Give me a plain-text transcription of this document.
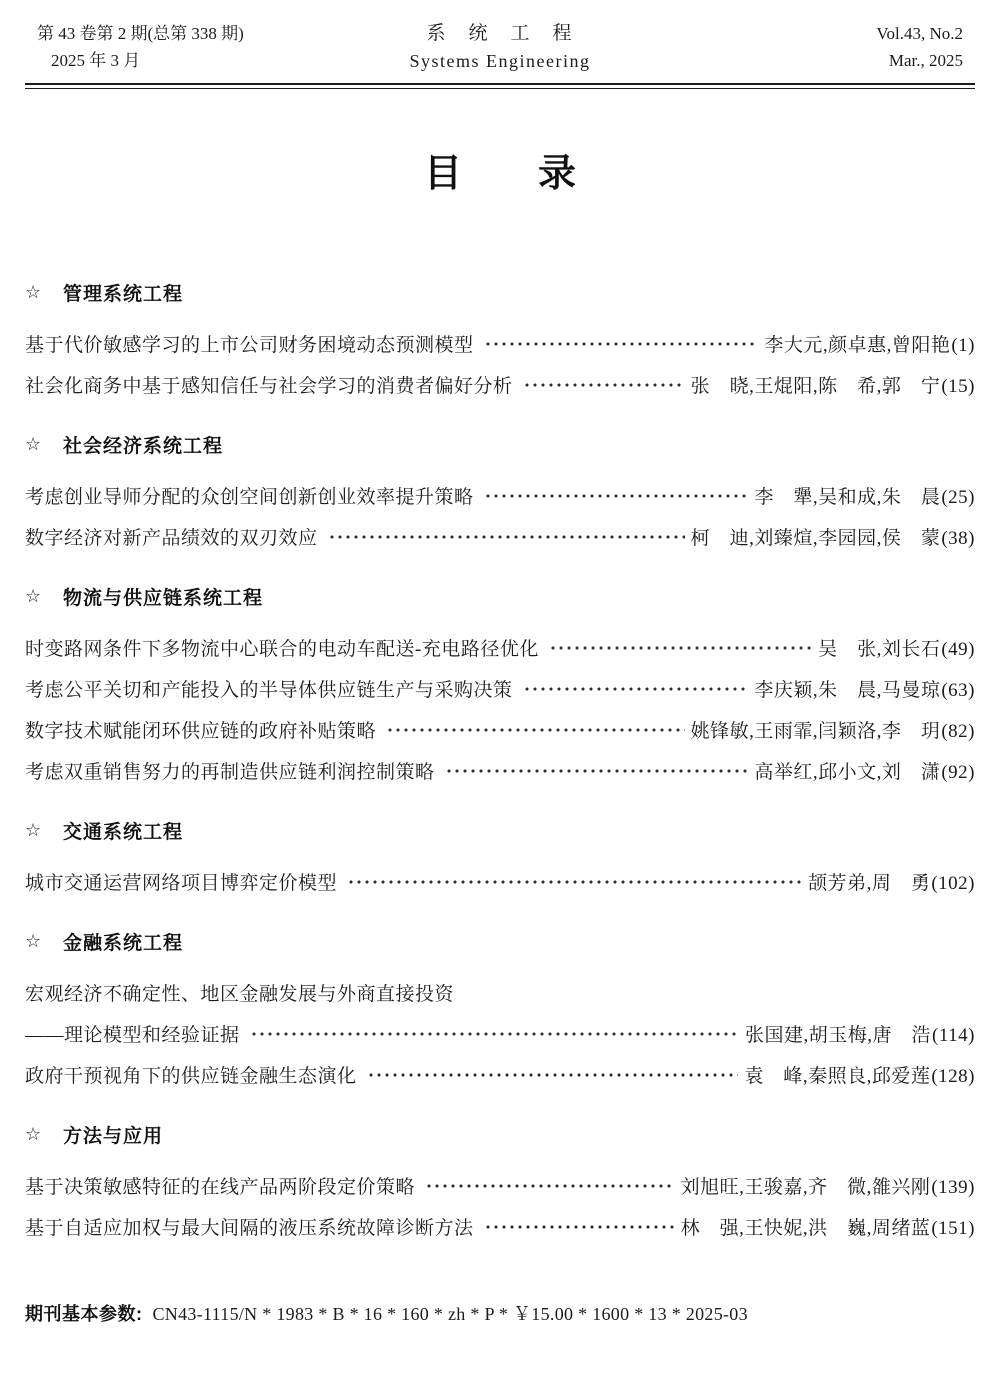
第 43 卷第 2 期(总第 338 期)
2025 年 3 月
系　统　工　程
Systems Engineering
Vol.43, No.2
Mar., 2025
目　　录
☆	管理系统工程
基于代价敏感学习的上市公司财务困境动态预测模型	李大元,颜卓惠,曾阳艳(1)
社会化商务中基于感知信任与社会学习的消费者偏好分析	张　晓,王焜阳,陈　希,郭　宁(15)
☆	社会经济系统工程
考虑创业导师分配的众创空间创新创业效率提升策略	李　犟,吴和成,朱　晨(25)
数字经济对新产品绩效的双刃效应	柯　迪,刘臻煊,李园园,侯　蒙(38)
☆	物流与供应链系统工程
时变路网条件下多物流中心联合的电动车配送-充电路径优化	吴　张,刘长石(49)
考虑公平关切和产能投入的半导体供应链生产与采购决策	李庆颖,朱　晨,马曼琼(63)
数字技术赋能闭环供应链的政府补贴策略	姚锋敏,王雨霏,闫颖洛,李　玥(82)
考虑双重销售努力的再制造供应链利润控制策略	高举红,邱小文,刘　潇(92)
☆	交通系统工程
城市交通运营网络项目博弈定价模型	颉芳弟,周　勇(102)
☆	金融系统工程
宏观经济不确定性、地区金融发展与外商直接投资
——理论模型和经验证据	张国建,胡玉梅,唐　浩(114)
政府干预视角下的供应链金融生态演化	袁　峰,秦照良,邱爱莲(128)
☆	方法与应用
基于决策敏感特征的在线产品两阶段定价策略	刘旭旺,王骏嘉,齐　微,雒兴刚(139)
基于自适应加权与最大间隔的液压系统故障诊断方法	林　强,王快妮,洪　巍,周绪蓝(151)
期刊基本参数: CN43-1115/N * 1983 * B * 16 * 160 * zh * P * ￥15.00 * 1600 * 13 * 2025-03
